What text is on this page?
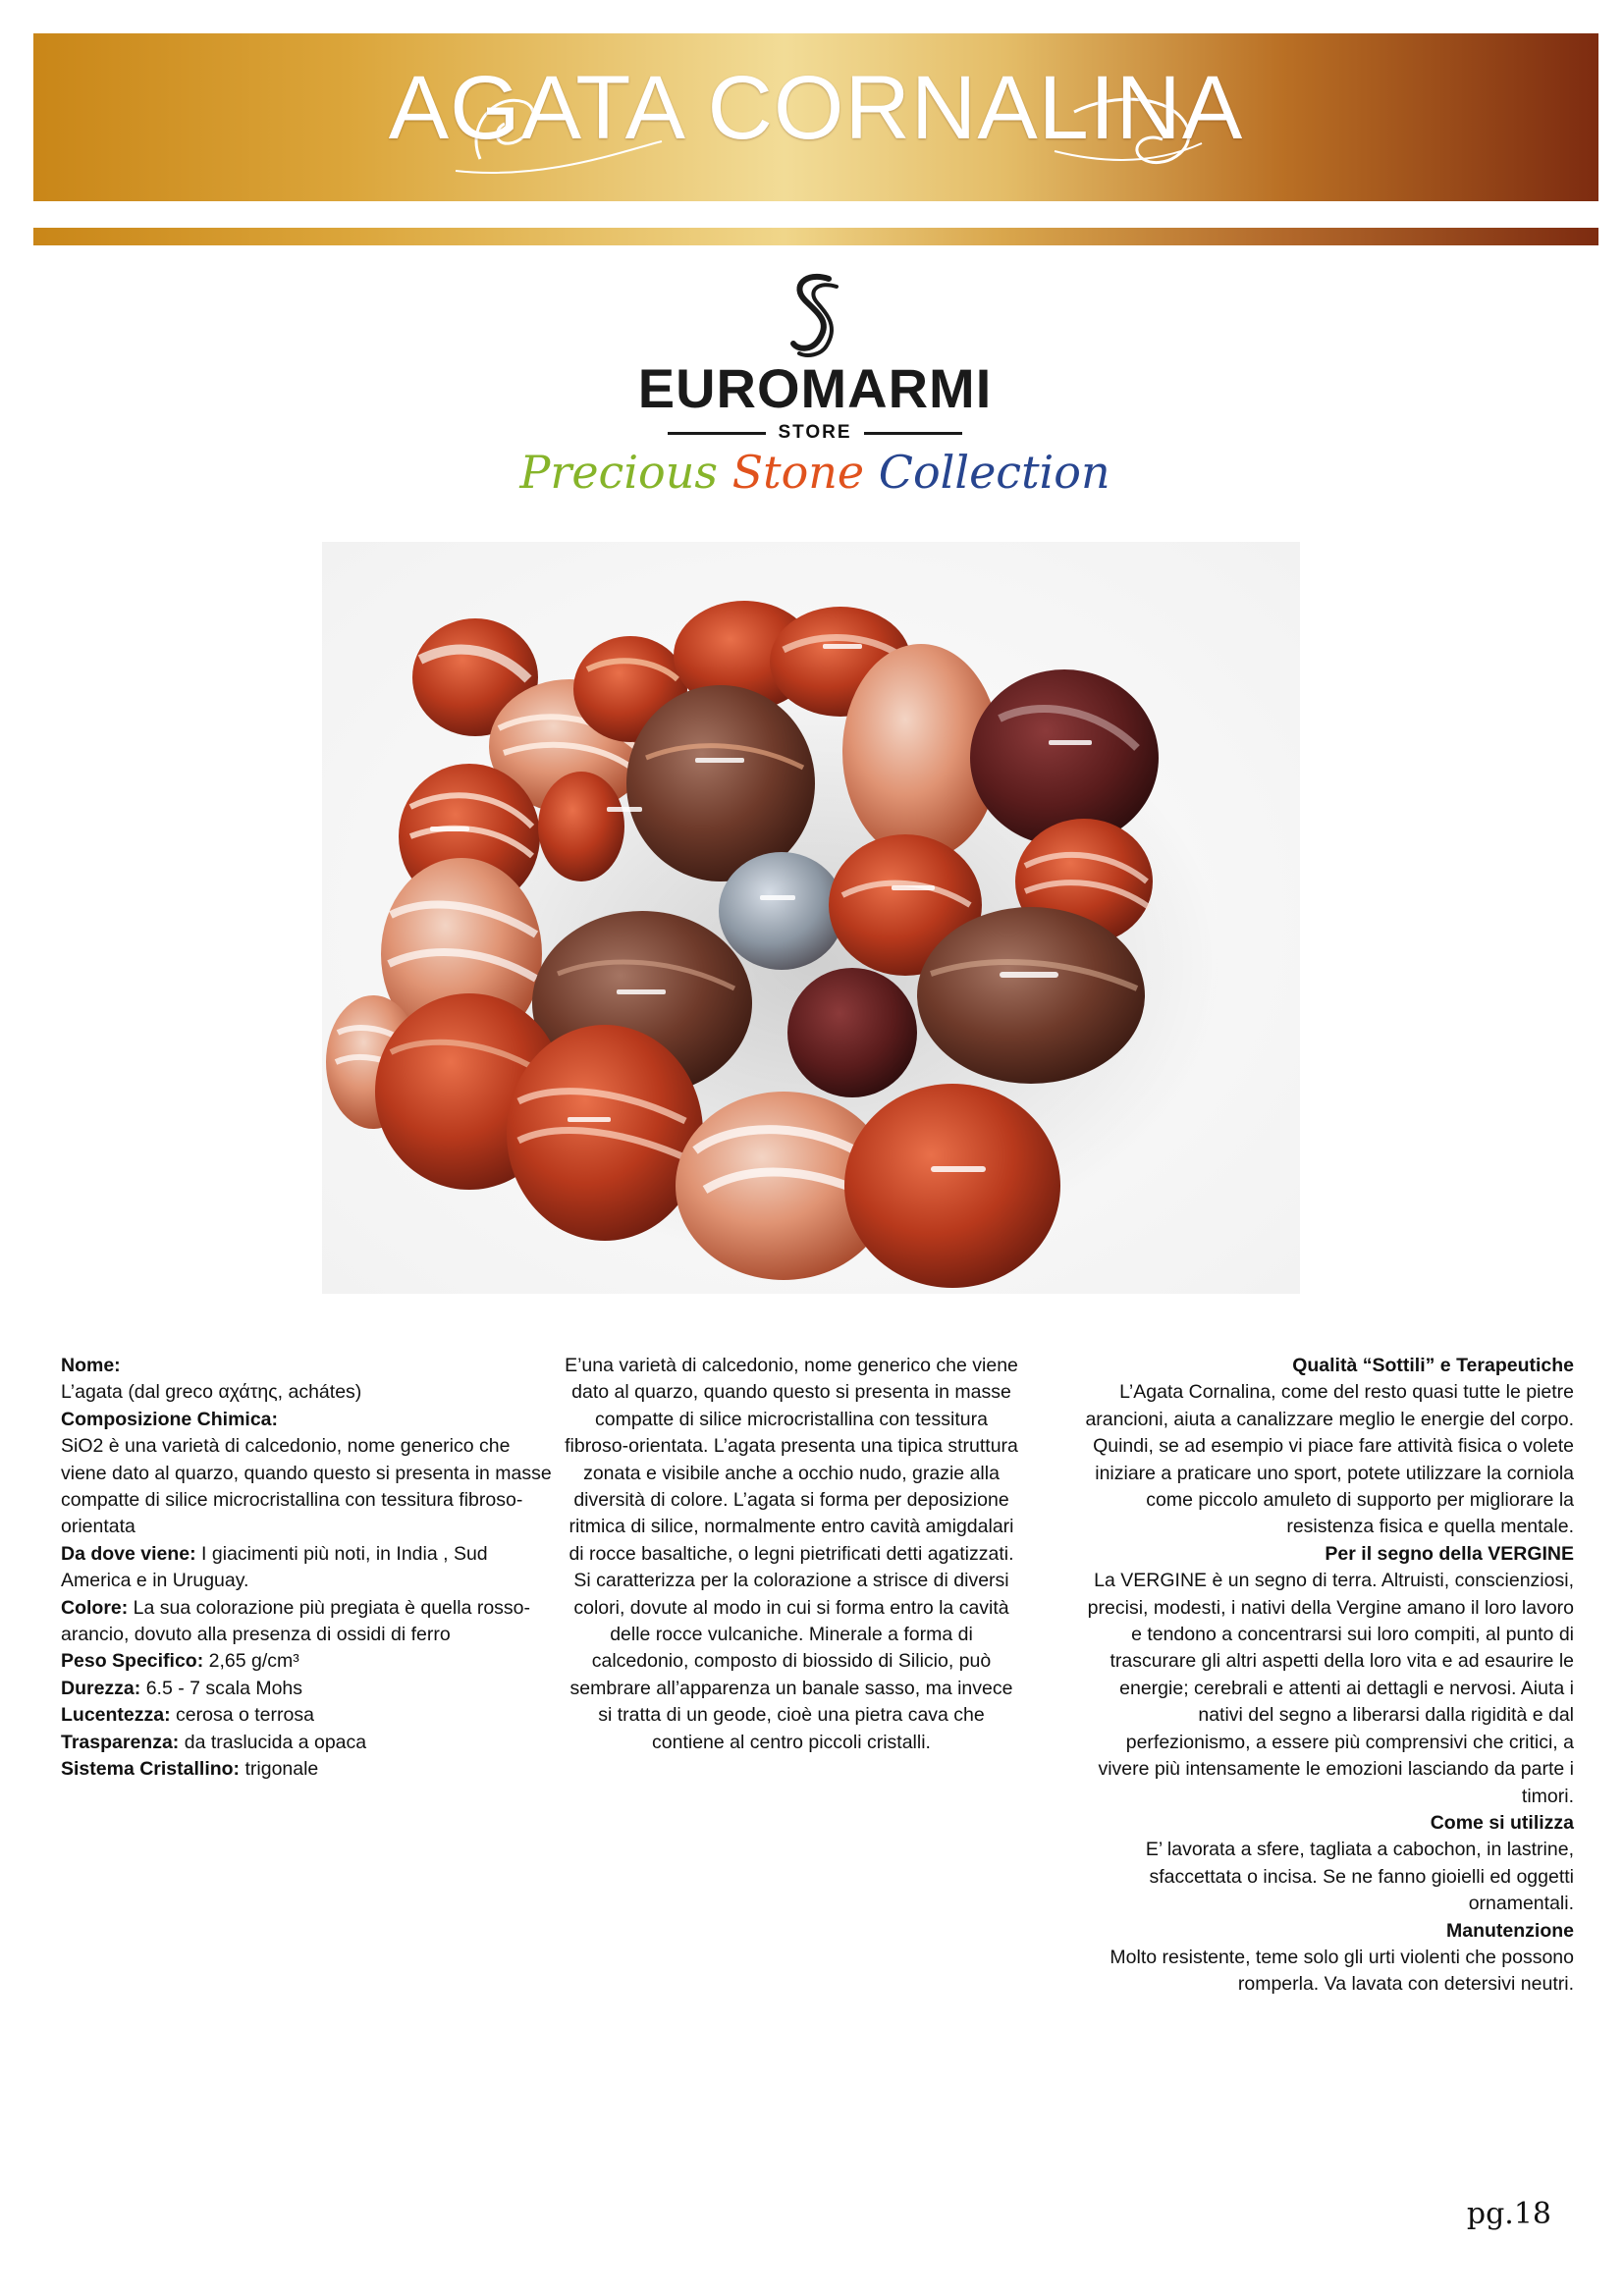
AGATA CORNALINA
EUROMARMI
STORE
Precious Stone Collection

Nome:

L’agata (dal greco αχάτης, achátes)

Composizione Chimica:

SiO2 è una varietà di calcedonio, nome generico che viene dato al quarzo, quando questo si presenta in masse compatte di silice microcristallina con tessitura fibroso-orientata

Da dove viene: I giacimenti più noti, in India , Sud America e in Uruguay.

Colore: La sua colorazione più pregiata è quella rosso-arancio, dovuto alla presenza di ossidi di ferro

Peso Specifico: 2,65 g/cm³

Durezza: 6.5 - 7 scala Mohs

Lucentezza: cerosa o terrosa

Trasparenza: da traslucida a opaca

Sistema Cristallino: trigonale

E’una varietà di calcedonio, nome generico che viene dato al quarzo, quando questo si presenta in masse compatte di silice microcristallina con tessitura fibroso-orientata. L’agata presenta una tipica struttura zonata e visibile anche a occhio nudo, grazie alla diversità di colore. L’agata si forma per deposizione ritmica di silice, normalmente entro cavità amigdalari di rocce basaltiche, o legni pietrificati detti agatizzati. Si caratterizza per la colorazione a strisce di diversi colori, dovute al modo in cui si forma entro la cavità delle rocce vulcaniche. Minerale a forma di calcedonio, composto di biossido di Silicio, può sembrare all’apparenza un banale sasso, ma invece si tratta di un geode, cioè una pietra cava che contiene al centro piccoli cristalli.

Qualità “Sottili” e Terapeutiche

L’Agata Cornalina, come del resto quasi tutte le pietre arancioni, aiuta a canalizzare meglio le energie del corpo. Quindi, se ad esempio vi piace fare attività fisica o volete iniziare a praticare uno sport, potete utilizzare la corniola come piccolo amuleto di supporto per migliorare la resistenza fisica e quella mentale.

Per il segno della VERGINE

La VERGINE è un segno di terra. Altruisti, conscienziosi, precisi, modesti, i nativi della Vergine amano il loro lavoro e tendono a concentrarsi sui loro compiti, al punto di trascurare gli altri aspetti della loro vita e ad esaurire le energie; cerebrali e attenti ai dettagli e nervosi. Aiuta i nativi del segno a liberarsi dalla rigidità e dal perfezionismo, a essere più comprensivi che critici, a vivere più intensamente le emozioni lasciando da parte i timori.

Come si utilizza

E’ lavorata a sfere, tagliata a cabochon, in lastrine, sfaccettata o incisa. Se ne fanno gioielli ed oggetti ornamentali.

Manutenzione

Molto resistente, teme solo gli urti violenti che possono romperla. Va lavata con detersivi neutri.

pg.18
